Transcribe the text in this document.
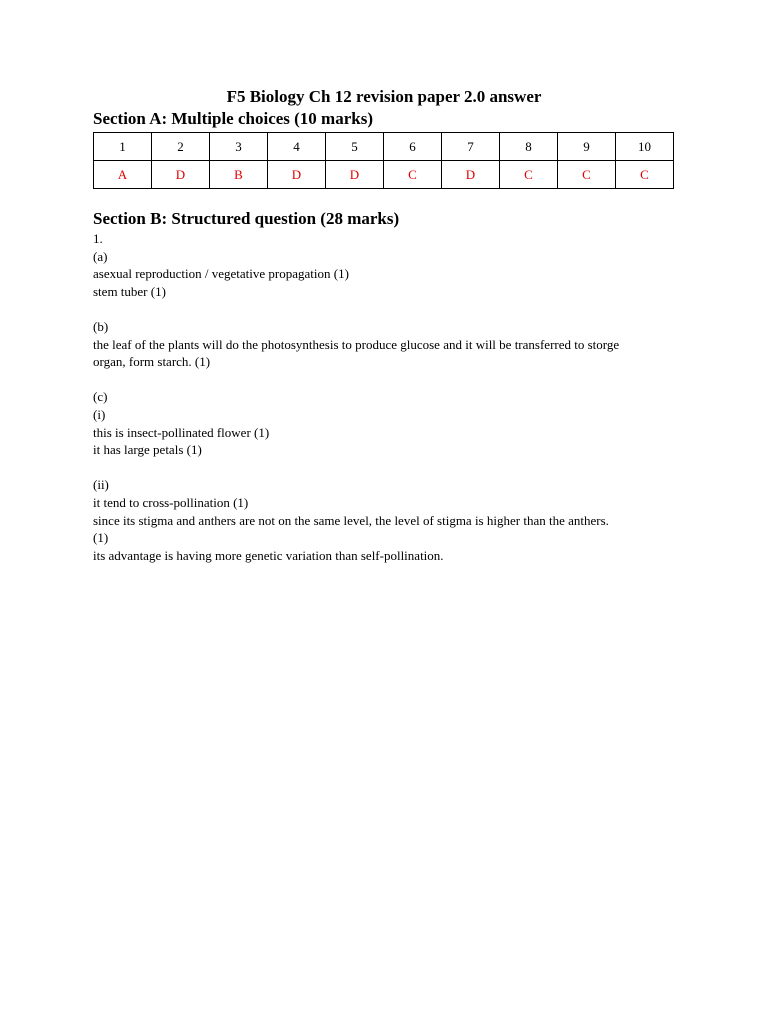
F5 Biology Ch 12 revision paper 2.0 answer
Section A: Multiple choices (10 marks)
1	2	3	4	5	6	7	8	9	10
A	D	B	D	D	C	D	C	C	C
Section B: Structured question (28 marks)

1.

(a)

asexual reproduction / vegetative propagation (1)

stem tuber (1)

(b)

the leaf of the plants will do the photosynthesis to produce glucose and it will be transferred to storge

organ, form starch. (1)

(c)

(i)

this is insect-pollinated flower (1)

it has large petals (1)

(ii)

it tend to cross-pollination (1)

since its stigma and anthers are not on the same level, the level of stigma is higher than the anthers.

(1)

its advantage is having more genetic variation than self-pollination.
